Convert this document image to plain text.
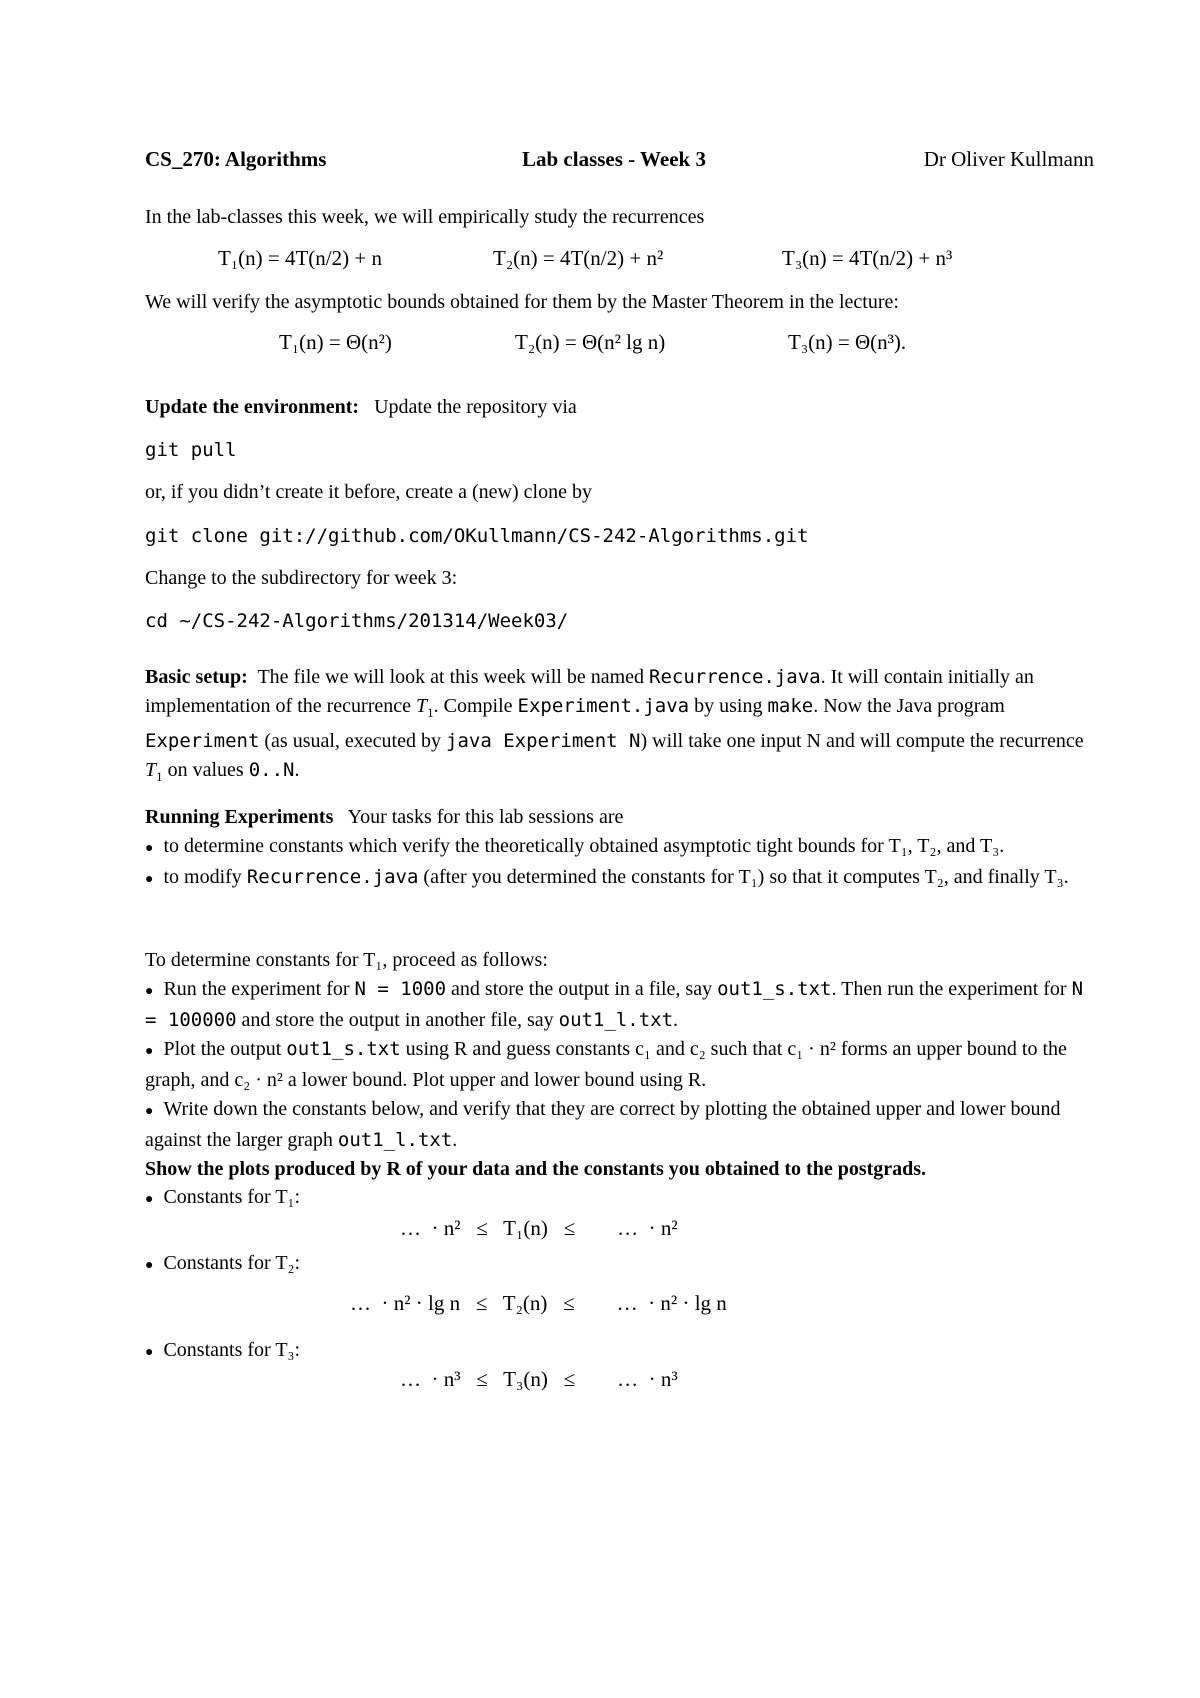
CS_270: Algorithms	Lab classes - Week 3	Dr Oliver Kullmann
In the lab-classes this week, we will empirically study the recurrences
T₁(n) = 4T(n/2) + n	T₂(n) = 4T(n/2) + n²	T₃(n) = 4T(n/2) + n³
We will verify the asymptotic bounds obtained for them by the Master Theorem in the lecture:
T₁(n) = Θ(n²)	T₂(n) = Θ(n² lg n)	T₃(n) = Θ(n³).
Update the environment: Update the repository via
git pull
or, if you didn’t create it before, create a (new) clone by
git clone git://github.com/OKullmann/CS-242-Algorithms.git
Change to the subdirectory for week 3:
cd ~/CS-242-Algorithms/201314/Week03/
Basic setup: The file we will look at this week will be named Recurrence.java. It will contain initially an implementation of the recurrence $T_1$. Compile Experiment.java by using make. Now the Java program Experiment (as usual, executed by java Experiment N) will take one input N and will compute the recurrence $T_1$ on values 0..N.
Running Experiments Your tasks for this lab sessions are
● to determine constants which verify the theoretically obtained asymptotic tight bounds for T₁, T₂, and T₃.
● to modify Recurrence.java (after you determined the constants for T₁) so that it computes T₂, and finally T₃.
To determine constants for T₁, proceed as follows:
● Run the experiment for N = 1000 and store the output in a file, say out1_s.txt. Then run the experiment for N = 100000 and store the output in another file, say out1_l.txt.
● Plot the output out1_s.txt using R and guess constants c₁ and c₂ such that c₁ · n² forms an upper bound to the graph, and c₂ · n² a lower bound. Plot upper and lower bound using R.
● Write down the constants below, and verify that they are correct by plotting the obtained upper and lower bound against the larger graph out1_l.txt.
Show the plots produced by R of your data and the constants you obtained to the postgrads.
● Constants for T₁:
…  · n²   ≤   T₁(n)   ≤        …  · n²
● Constants for T₂:
…  · n² · lg n   ≤   T₂(n)   ≤        …  · n² · lg n
● Constants for T₃:
…  · n³   ≤   T₃(n)   ≤        …  · n³
